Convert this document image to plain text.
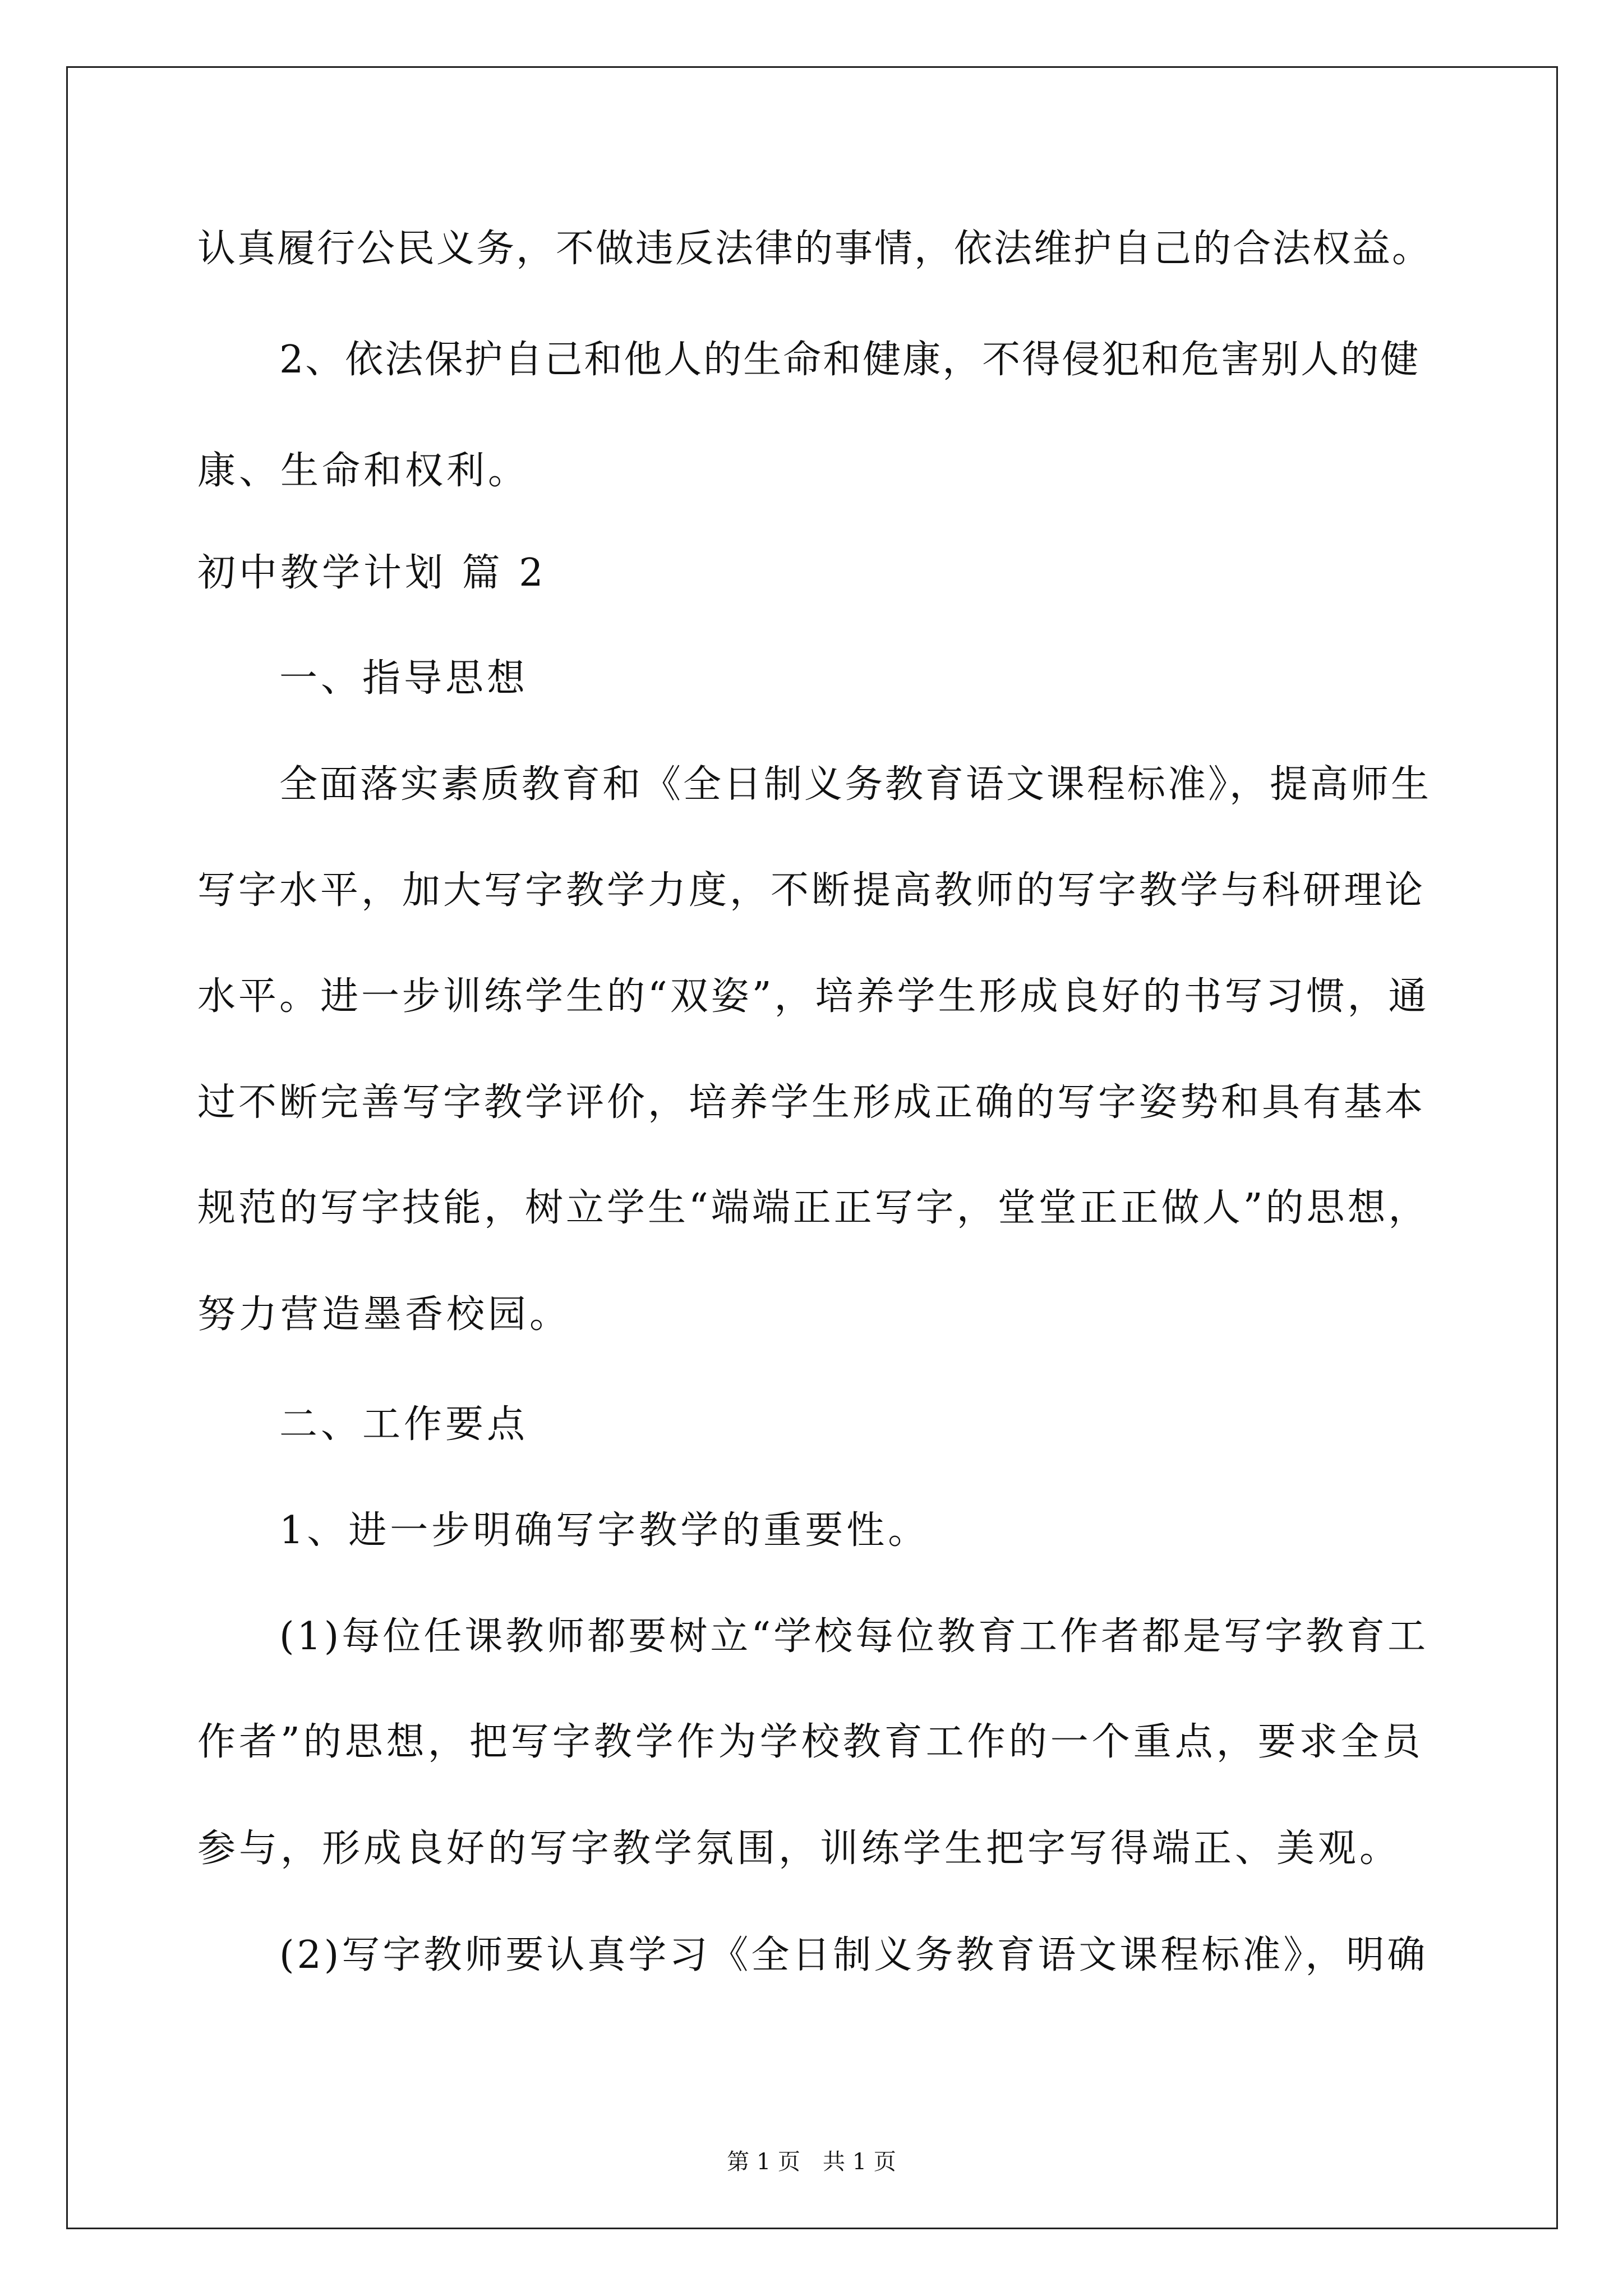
认真履行公民义务，不做违反法律的事情，依法维护自己的合法权益。
2、依法保护自己和他人的生命和健康，不得侵犯和危害别人的健
康、生命和权利。
初中教学计划 篇 2
一、指导思想
全面落实素质教育和《全日制义务教育语文课程标准》，提高师生
写字水平，加大写字教学力度，不断提高教师的写字教学与科研理论
水平。进一步训练学生的“双姿”，培养学生形成良好的书写习惯，通
过不断完善写字教学评价，培养学生形成正确的写字姿势和具有基本
规范的写字技能，树立学生“端端正正写字，堂堂正正做人”的思想，
努力营造墨香校园。
二、工作要点
1、进一步明确写字教学的重要性。
(1)每位任课教师都要树立“学校每位教育工作者都是写字教育工
作者”的思想，把写字教学作为学校教育工作的一个重点，要求全员
参与，形成良好的写字教学氛围，训练学生把字写得端正、美观。
(2)写字教师要认真学习《全日制义务教育语文课程标准》，明确
第 1 页　共 1 页
